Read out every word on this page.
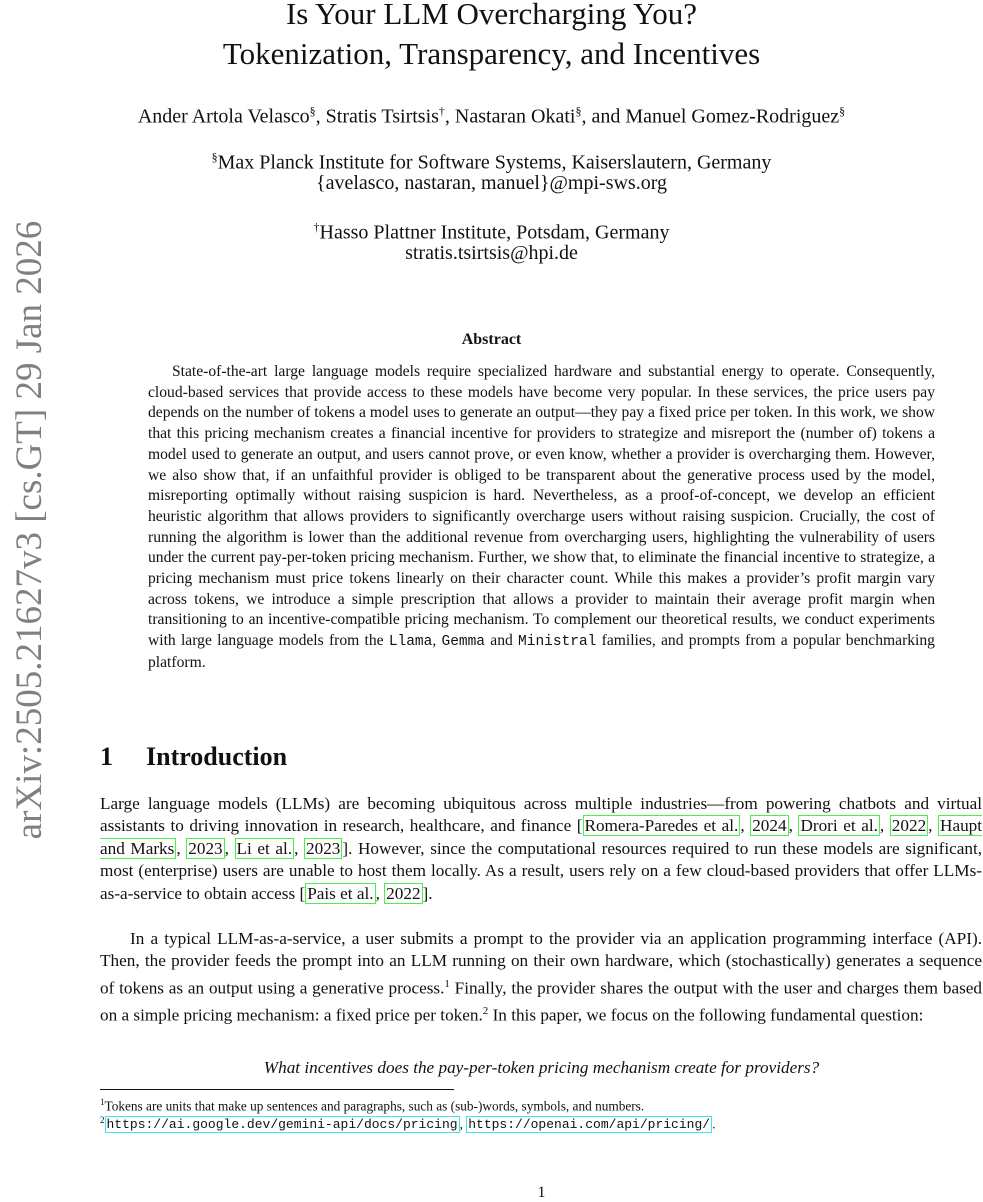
arXiv:2505.21627v3 [cs.GT] 29 Jan 2026
Is Your LLM Overcharging You?
Tokenization, Transparency, and Incentives
Ander Artola Velasco§, Stratis Tsirtsis†, Nastaran Okati§, and Manuel Gomez-Rodriguez§
§Max Planck Institute for Software Systems, Kaiserslautern, Germany
{avelasco, nastaran, manuel}@mpi-sws.org
†Hasso Plattner Institute, Potsdam, Germany
stratis.tsirtsis@hpi.de
Abstract

State-of-the-art large language models require specialized hardware and substantial energy to operate. Consequently, cloud-based services that provide access to these models have become very popular. In these services, the price users pay depends on the number of tokens a model uses to generate an output—they pay a fixed price per token. In this work, we show that this pricing mechanism creates a financial incentive for providers to strategize and misreport the (number of) tokens a model used to generate an output, and users cannot prove, or even know, whether a provider is overcharging them. However, we also show that, if an unfaithful provider is obliged to be transparent about the generative process used by the model, misreporting optimally without raising suspicion is hard. Nevertheless, as a proof-of-concept, we develop an efficient heuristic algorithm that allows providers to significantly overcharge users without raising suspicion. Crucially, the cost of running the algorithm is lower than the additional revenue from overcharging users, highlighting the vulnerability of users under the current pay-per-token pricing mechanism. Further, we show that, to eliminate the financial incentive to strategize, a pricing mechanism must price tokens linearly on their character count. While this makes a provider’s profit margin vary across tokens, we introduce a simple prescription that allows a provider to maintain their average profit margin when transitioning to an incentive-compatible pricing mechanism. To complement our theoretical results, we conduct experiments with large language models from the Llama, Gemma and Ministral families, and prompts from a popular benchmarking platform.

1 Introduction

Large language models (LLMs) are becoming ubiquitous across multiple industries—from powering chatbots and virtual assistants to driving innovation in research, healthcare, and finance [ Romera-Paredes et al. , 2024 , Drori et al. , 2022 , Haupt and Marks , 2023 , Li et al. , 2023 ]. However, since the computational resources required to run these models are significant, most (enterprise) users are unable to host them locally. As a result, users rely on a few cloud-based providers that offer LLMs-as-a-service to obtain access [ Pais et al. , 2022 ].

In a typical LLM-as-a-service, a user submits a prompt to the provider via an application programming interface (API). Then, the provider feeds the prompt into an LLM running on their own hardware, which (stochastically) generates a sequence of tokens as an output using a generative process.$^1$ Finally, the provider shares the output with the user and charges them based on a simple pricing mechanism: a fixed price per token.$^2$ In this paper, we focus on the following fundamental question:

What incentives does the pay-per-token pricing mechanism create for providers?
$^1$Tokens are units that make up sentences and paragraphs, such as (sub-)words, symbols, and numbers.
$^2$ https://ai.google.dev/gemini-api/docs/pricing , https://openai.com/api/pricing/ .
1
